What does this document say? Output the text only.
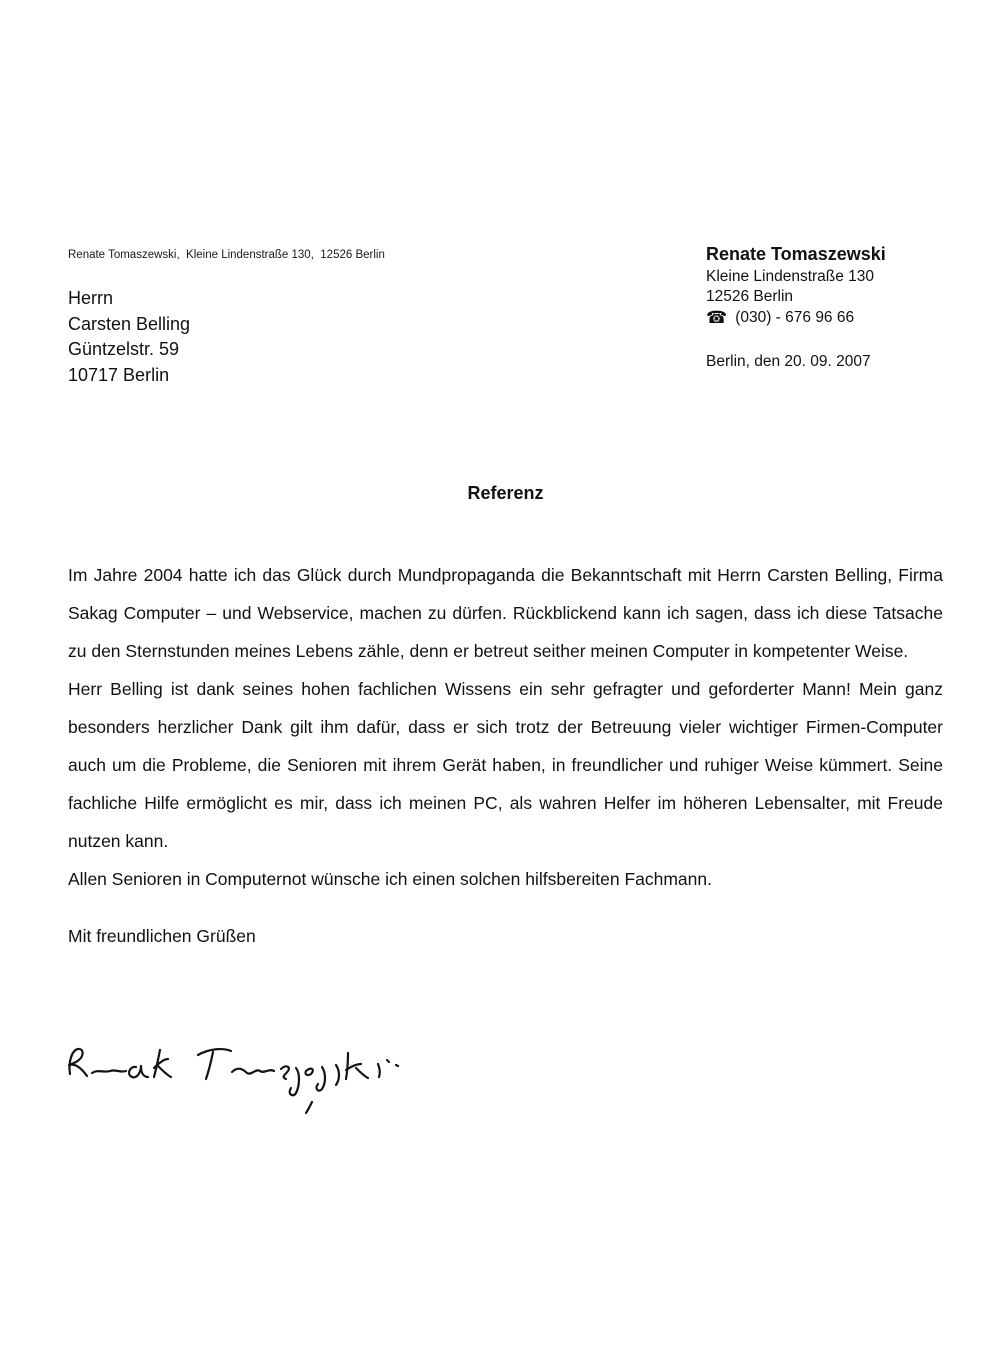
Renate Tomaszewski,  Kleine Lindenstraße 130,  12526 Berlin
Herrn
Carsten Belling
Güntzelstr. 59
10717 Berlin
Renate Tomaszewski
Kleine Lindenstraße 130
12526 Berlin
☎ (030) - 676 96 66
Berlin, den 20. 09. 2007
Referenz

Im Jahre 2004 hatte ich das Glück durch Mundpropaganda die Bekanntschaft mit Herrn Carsten Belling, Firma Sakag Computer – und Webservice, machen zu dürfen. Rückblickend kann ich sagen, dass ich diese Tatsache zu den Sternstunden meines Lebens zähle, denn er betreut seither meinen Computer in kompetenter Weise.

Herr Belling ist dank seines hohen fachlichen Wissens ein sehr gefragter und geforderter Mann! Mein ganz besonders herzlicher Dank gilt ihm dafür, dass er sich trotz der Betreuung vieler wichtiger Firmen-Computer auch um die Probleme, die Senioren mit ihrem Gerät haben, in freundlicher und ruhiger Weise kümmert. Seine fachliche Hilfe ermöglicht es mir, dass ich meinen PC, als wahren Helfer im höheren Lebensalter, mit Freude nutzen kann.

Allen Senioren in Computernot wünsche ich einen solchen hilfsbereiten Fachmann.

Mit freundlichen Grüßen
